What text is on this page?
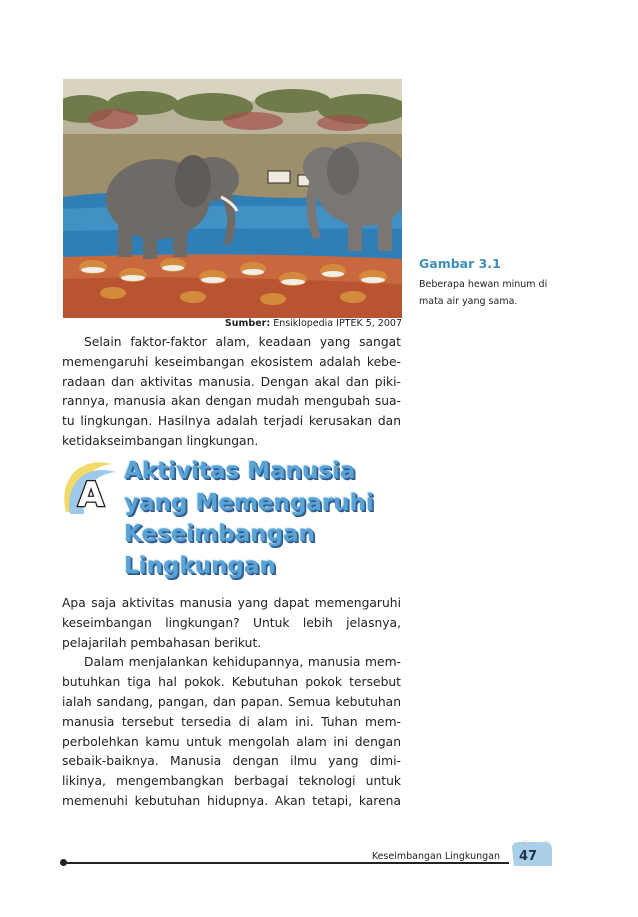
Sumber: Ensiklopedia IPTEK 5, 2007
Gambar 3.1
Beberapa hewan minum di
mata air yang sama.
Selain faktor-faktor alam, keadaan yang sangat
memengaruhi keseimbangan ekosistem adalah kebe-
radaan dan aktivitas manusia. Dengan akal dan piki-
rannya, manusia akan dengan mudah mengubah sua-
tu lingkungan. Hasilnya adalah terjadi kerusakan dan
ketidakseimbangan lingkungan.
A
Aktivitas Manusia
yang Memengaruhi
Keseimbangan
Lingkungan
Apa saja aktivitas manusia yang dapat memengaruhi
keseimbangan lingkungan? Untuk lebih jelasnya,
pelajarilah pembahasan berikut.
Dalam menjalankan kehidupannya, manusia mem-
butuhkan tiga hal pokok. Kebutuhan pokok tersebut
ialah sandang, pangan, dan papan. Semua kebutuhan
manusia tersebut tersedia di alam ini. Tuhan mem-
perbolehkan kamu untuk mengolah alam ini dengan
sebaik-baiknya. Manusia dengan ilmu yang dimi-
likinya, mengembangkan berbagai teknologi untuk
memenuhi kebutuhan hidupnya. Akan tetapi, karena
Keseimbangan Lingkungan	47
